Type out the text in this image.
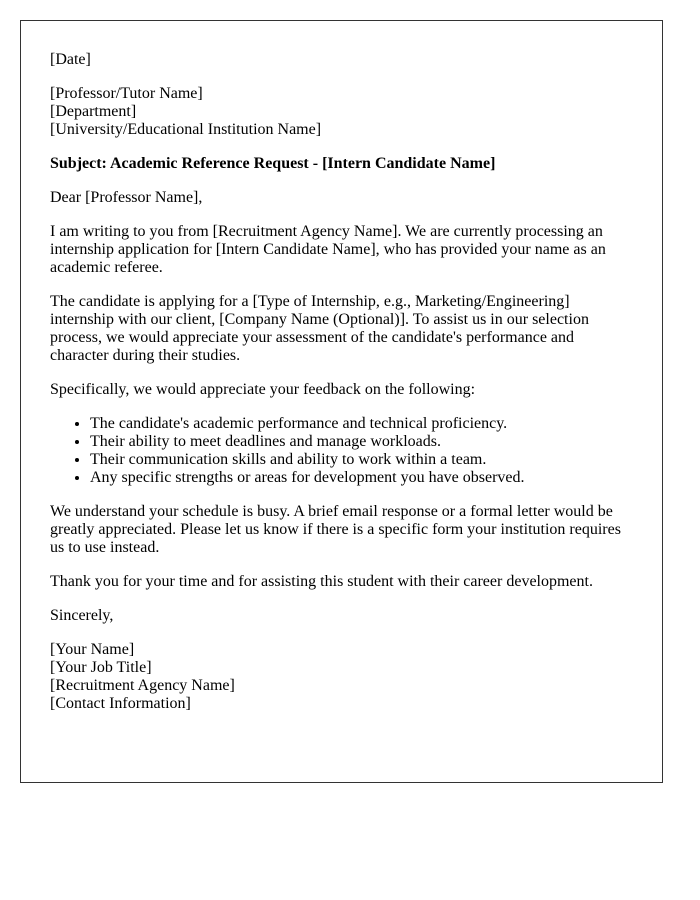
[Date]

[Professor/Tutor Name]
[Department]
[University/Educational Institution Name]

Subject: Academic Reference Request - [Intern Candidate Name]

Dear [Professor Name],

I am writing to you from [Recruitment Agency Name]. We are currently processing an internship application for [Intern Candidate Name], who has provided your name as an academic referee.

The candidate is applying for a [Type of Internship, e.g., Marketing/Engineering] internship with our client, [Company Name (Optional)]. To assist us in our selection process, we would appreciate your assessment of the candidate's performance and character during their studies.

Specifically, we would appreciate your feedback on the following:

• The candidate's academic performance and technical proficiency.
• Their ability to meet deadlines and manage workloads.
• Their communication skills and ability to work within a team.
• Any specific strengths or areas for development you have observed.

We understand your schedule is busy. A brief email response or a formal letter would be greatly appreciated. Please let us know if there is a specific form your institution requires us to use instead.

Thank you for your time and for assisting this student with their career development.

Sincerely,

[Your Name]
[Your Job Title]
[Recruitment Agency Name]
[Contact Information]
